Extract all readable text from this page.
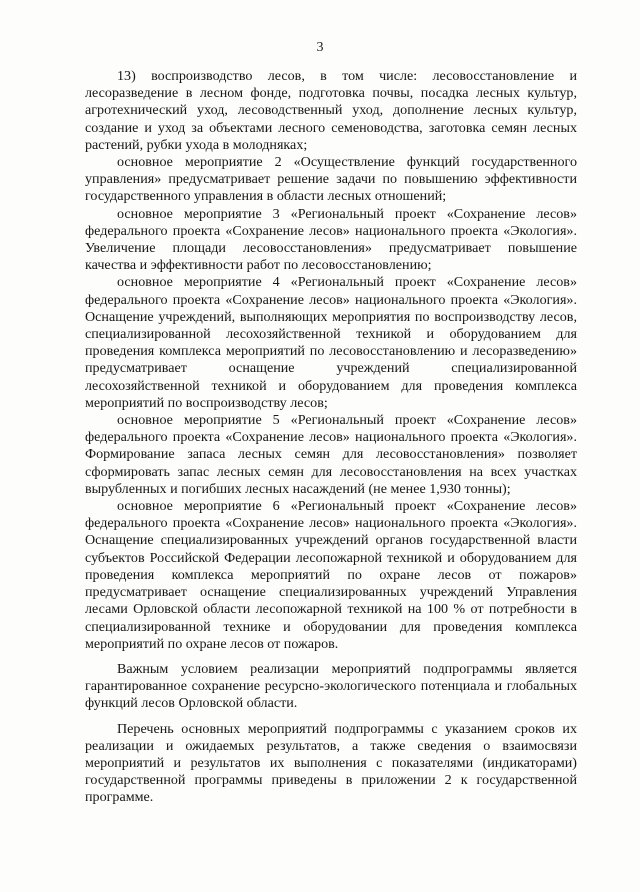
3

13) воспроизводство лесов, в том числе: лесовосстановление и лесоразведение в лесном фонде, подготовка почвы, посадка лесных культур, агротехнический уход, лесоводственный уход, дополнение лесных культур, создание и уход за объектами лесного семеноводства, заготовка семян лесных растений, рубки ухода в молодняках;

основное мероприятие 2 «Осуществление функций государственного управления» предусматривает решение задачи по повышению эффективности государственного управления в области лесных отношений;

основное мероприятие 3 «Региональный проект «Сохранение лесов» федерального проекта «Сохранение лесов» национального проекта «Экология». Увеличение площади лесовосстановления» предусматривает повышение качества и эффективности работ по лесовосстановлению;

основное мероприятие 4 «Региональный проект «Сохранение лесов» федерального проекта «Сохранение лесов» национального проекта «Экология». Оснащение учреждений, выполняющих мероприятия по воспроизводству лесов, специализированной лесохозяйственной техникой и оборудованием для проведения комплекса мероприятий по лесовосстановлению и лесоразведению» предусматривает оснащение учреждений специализированной лесохозяйственной техникой и оборудованием для проведения комплекса мероприятий по воспроизводству лесов;

основное мероприятие 5 «Региональный проект «Сохранение лесов» федерального проекта «Сохранение лесов» национального проекта «Экология». Формирование запаса лесных семян для лесовосстановления» позволяет сформировать запас лесных семян для лесовосстановления на всех участках вырубленных и погибших лесных насаждений (не менее 1,930 тонны);

основное мероприятие 6 «Региональный проект «Сохранение лесов» федерального проекта «Сохранение лесов» национального проекта «Экология». Оснащение специализированных учреждений органов государственной власти субъектов Российской Федерации лесопожарной техникой и оборудованием для проведения комплекса мероприятий по охране лесов от пожаров» предусматривает оснащение специализированных учреждений Управления лесами Орловской области лесопожарной техникой на 100 % от потребности в специализированной технике и оборудовании для проведения комплекса мероприятий по охране лесов от пожаров.

Важным условием реализации мероприятий подпрограммы является гарантированное сохранение ресурсно-экологического потенциала и глобальных функций лесов Орловской области.

Перечень основных мероприятий подпрограммы с указанием сроков их реализации и ожидаемых результатов, а также сведения о взаимосвязи мероприятий и результатов их выполнения с показателями (индикаторами) государственной программы приведены в приложении 2 к государственной программе.
